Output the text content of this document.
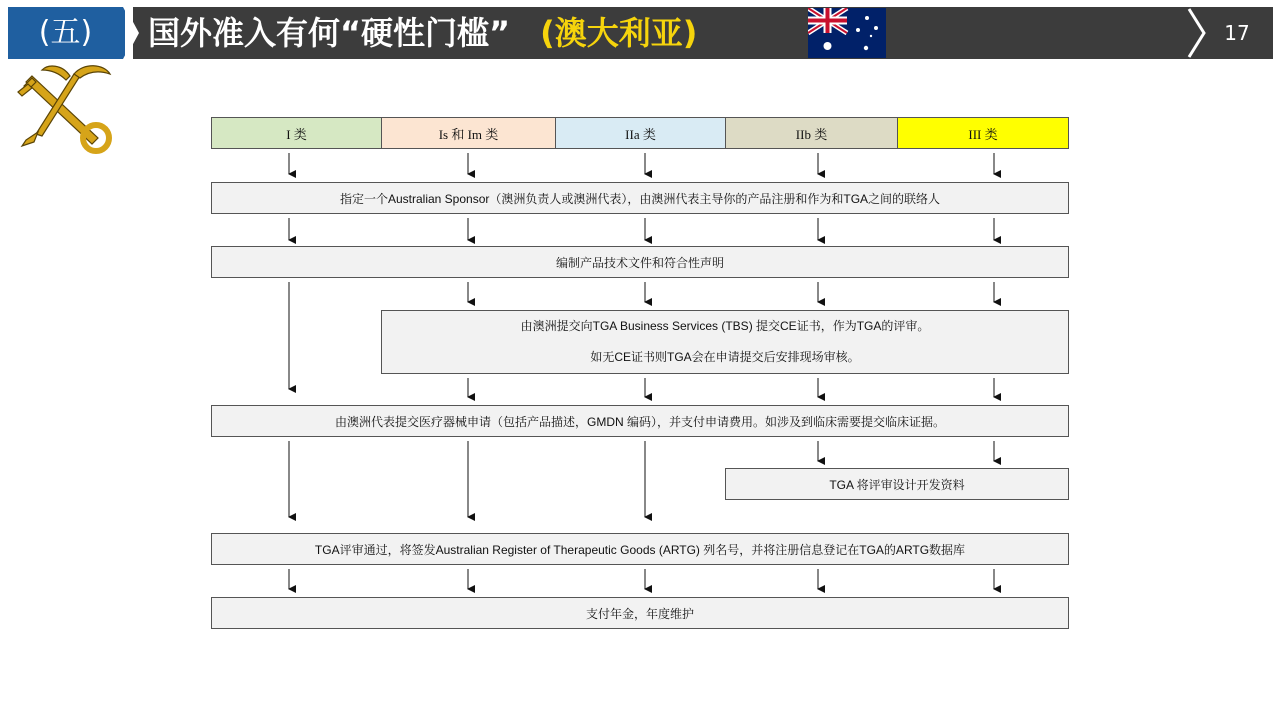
(五)	国外准入有何“硬性门槛” (澳大利亚)	17
I 类	Is 和 Im 类	IIa 类	IIb 类	III 类
指定一个Australian Sponsor（澳洲负责人或澳洲代表），由澳洲代表主导你的产品注册和作为和TGA之间的联络人
编制产品技术文件和符合性声明
由澳洲提交向TGA Business Services (TBS) 提交CE证书，作为TGA的评审。
如无CE证书则TGA会在申请提交后安排现场审核。
由澳洲代表提交医疗器械申请（包括产品描述，GMDN 编码），并支付申请费用。如涉及到临床需要提交临床证据。
TGA 将评审设计开发资料
TGA评审通过，将签发Australian Register of Therapeutic Goods (ARTG) 列名号，并将注册信息登记在TGA的ARTG数据库
支付年金，年度维护
